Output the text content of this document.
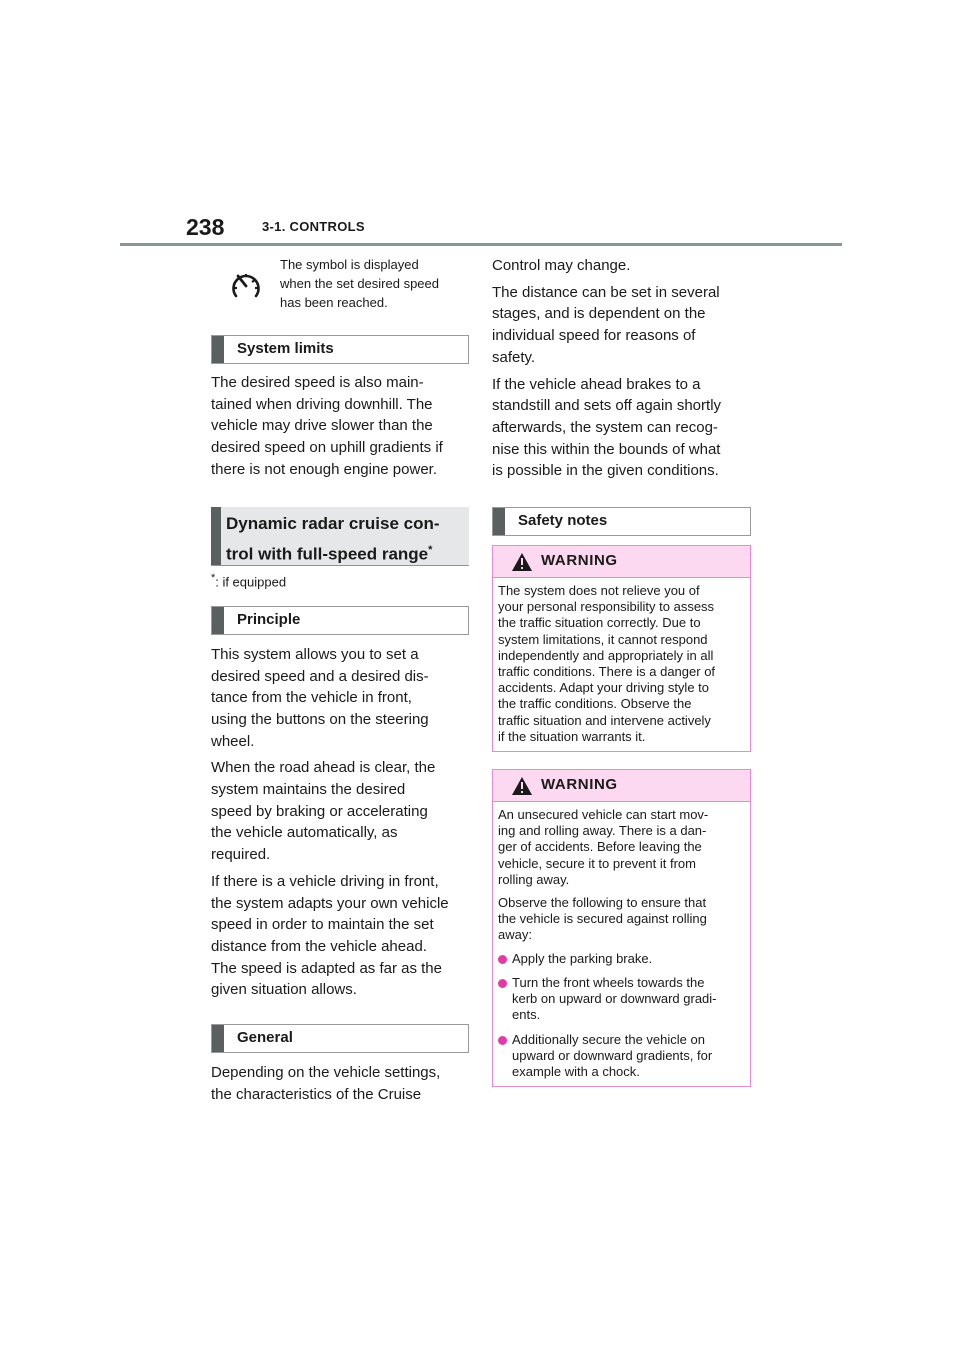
238	3-1. CONTROLS
The symbol is displayed
when the set desired speed
has been reached.
System limits

The desired speed is also main-
tained when driving downhill. The
vehicle may drive slower than the
desired speed on uphill gradients if
there is not enough engine power.

Dynamic radar cruise con-
trol with full-speed range*

*: if equipped

Principle

This system allows you to set a
desired speed and a desired dis-
tance from the vehicle in front,
using the buttons on the steering
wheel.

When the road ahead is clear, the
system maintains the desired
speed by braking or accelerating
the vehicle automatically, as
required.

If there is a vehicle driving in front,
the system adapts your own vehicle
speed in order to maintain the set
distance from the vehicle ahead.
The speed is adapted as far as the
given situation allows.

General

Depending on the vehicle settings,
the characteristics of the Cruise

Control may change.

The distance can be set in several
stages, and is dependent on the
individual speed for reasons of
safety.

If the vehicle ahead brakes to a
standstill and sets off again shortly
afterwards, the system can recog-
nise this within the bounds of what
is possible in the given conditions.

Safety notes
WARNING
The system does not relieve you of
your personal responsibility to assess
the traffic situation correctly. Due to
system limitations, it cannot respond
independently and appropriately in all
traffic conditions. There is a danger of
accidents. Adapt your driving style to
the traffic conditions. Observe the
traffic situation and intervene actively
if the situation warrants it.
WARNING

An unsecured vehicle can start mov-
ing and rolling away. There is a dan-
ger of accidents. Before leaving the
vehicle, secure it to prevent it from
rolling away.

Observe the following to ensure that
the vehicle is secured against rolling
away:

Apply the parking brake.
Turn the front wheels towards the
kerb on upward or downward gradi-
ents.
Additionally secure the vehicle on
upward or downward gradients, for
example with a chock.
